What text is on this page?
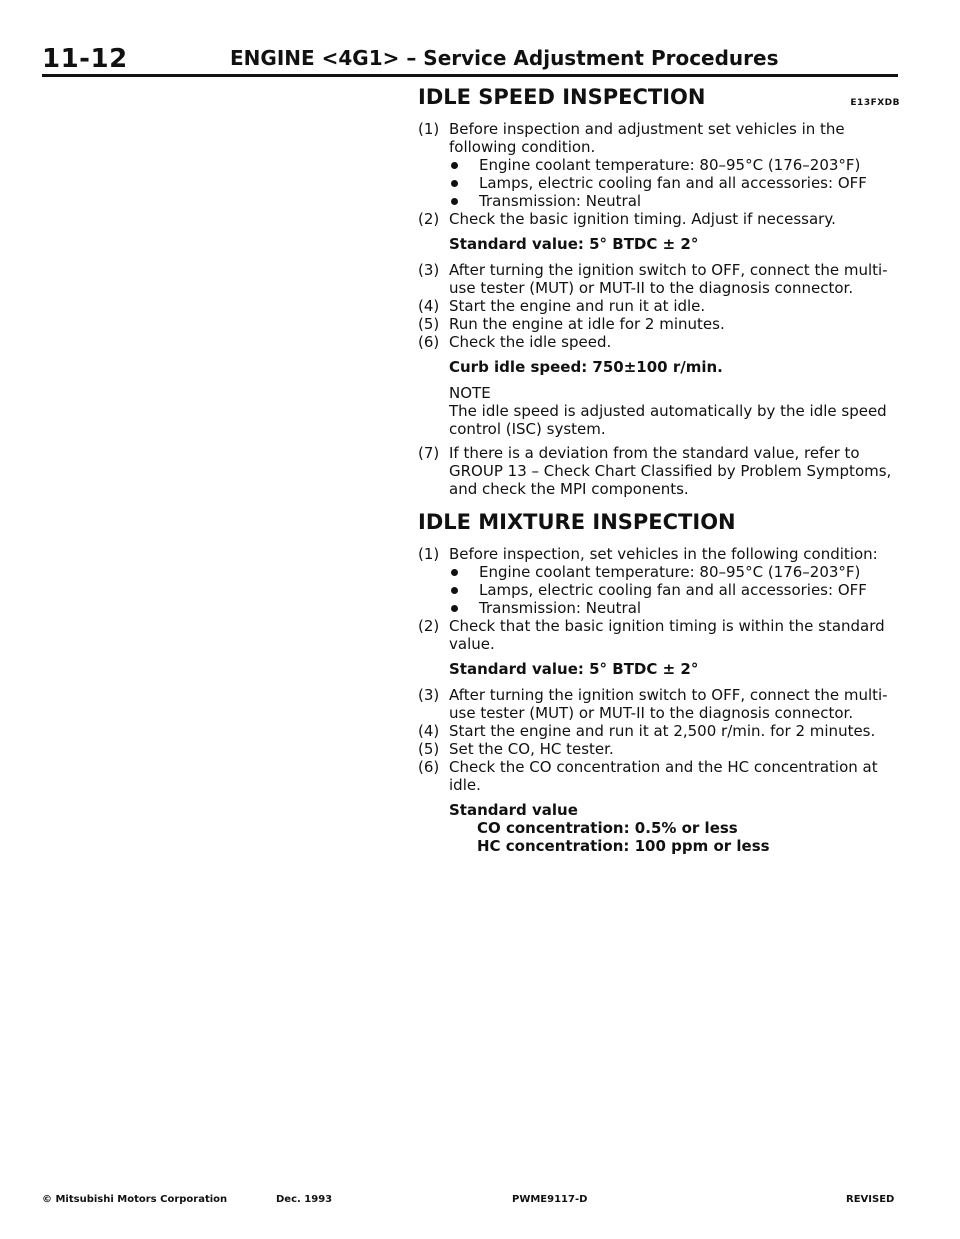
11-12	ENGINE <4G1> – Service Adjustment Procedures
IDLE SPEED INSPECTION	E13FXDB
(1) Before inspection and adjustment set vehicles in the following condition.
Engine coolant temperature: 80–95°C (176–203°F)
Lamps, electric cooling fan and all accessories: OFF
Transmission: Neutral
(2) Check the basic ignition timing. Adjust if necessary.
Standard value: 5° BTDC ± 2°
(3) After turning the ignition switch to OFF, connect the multi-use tester (MUT) or MUT-II to the diagnosis connector.
(4) Start the engine and run it at idle.
(5) Run the engine at idle for 2 minutes.
(6) Check the idle speed.
Curb idle speed: 750±100 r/min.
NOTE
The idle speed is adjusted automatically by the idle speed control (ISC) system.
(7) If there is a deviation from the standard value, refer to GROUP 13 – Check Chart Classified by Problem Symptoms, and check the MPI components.
IDLE MIXTURE INSPECTION
(1) Before inspection, set vehicles in the following condition:
Engine coolant temperature: 80–95°C (176–203°F)
Lamps, electric cooling fan and all accessories: OFF
Transmission: Neutral
(2) Check that the basic ignition timing is within the standard value.
Standard value: 5° BTDC ± 2°
(3) After turning the ignition switch to OFF, connect the multi-use tester (MUT) or MUT-II to the diagnosis connector.
(4) Start the engine and run it at 2,500 r/min. for 2 minutes.
(5) Set the CO, HC tester.
(6) Check the CO concentration and the HC concentration at idle.
Standard value
CO concentration: 0.5% or less
HC concentration: 100 ppm or less
© Mitsubishi Motors Corporation	Dec. 1993	PWME9117-D	REVISED
